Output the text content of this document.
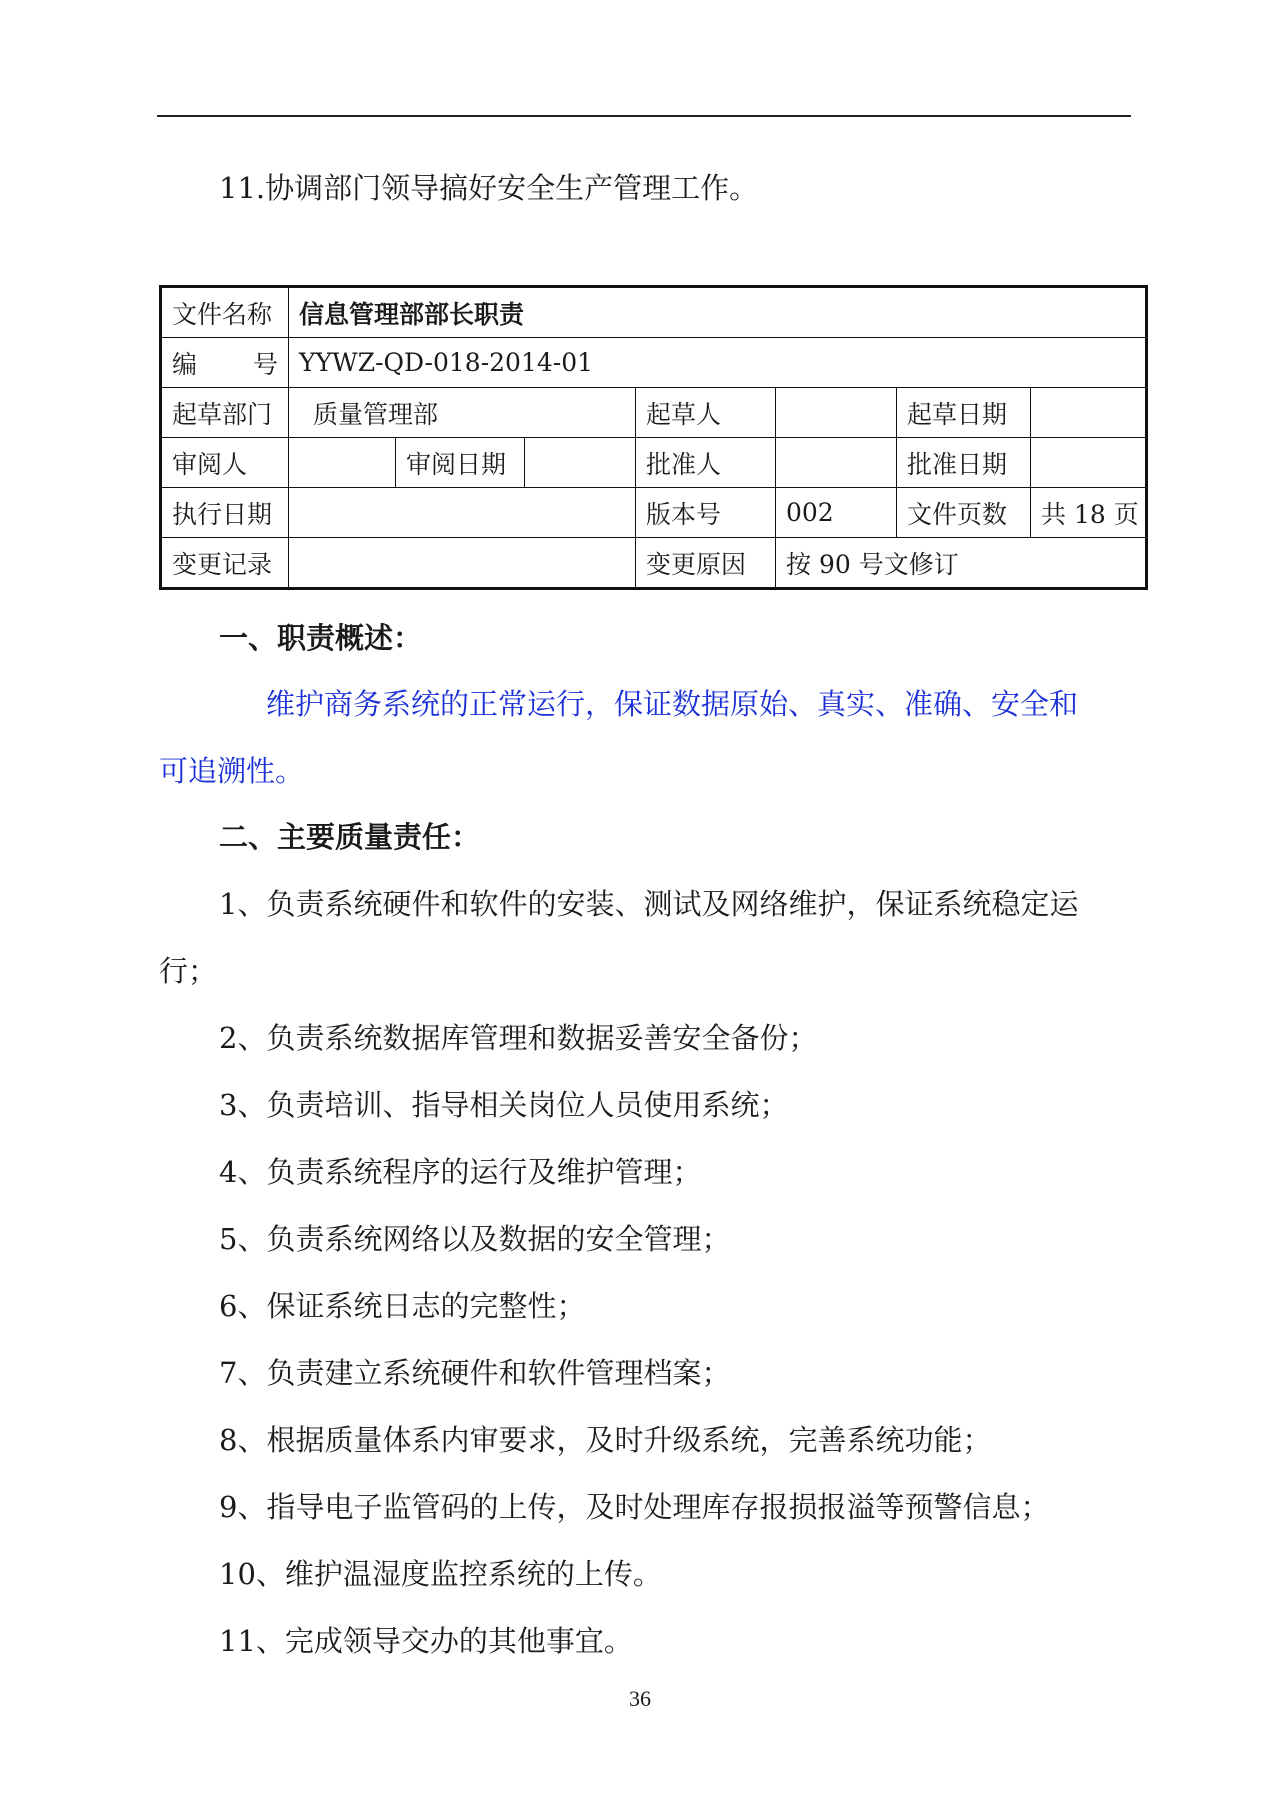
11.协调部门领导搞好安全生产管理工作。
文件名称	信息管理部部长职责						

编 号	YYWZ-QD-018-2014-01						
起草部门	质量管理部			起草人		起草日期	
审阅人		审阅日期		批准人		批准日期	
执行日期				版本号	002	文件页数	共 18 页
变更记录				变更原因	按 90 号文修订		
一、职责概述：
维护商务系统的正常运行，保证数据原始、真实、准确、安全和
可追溯性。
二、主要质量责任：
1、负责系统硬件和软件的安装、测试及网络维护，保证系统稳定运
行；
2、负责系统数据库管理和数据妥善安全备份；
3、负责培训、指导相关岗位人员使用系统；
4、负责系统程序的运行及维护管理；
5、负责系统网络以及数据的安全管理；
6、保证系统日志的完整性；
7、负责建立系统硬件和软件管理档案；
8、根据质量体系内审要求，及时升级系统，完善系统功能；
9、指导电子监管码的上传，及时处理库存报损报溢等预警信息；
10、维护温湿度监控系统的上传。
11、完成领导交办的其他事宜。
36
